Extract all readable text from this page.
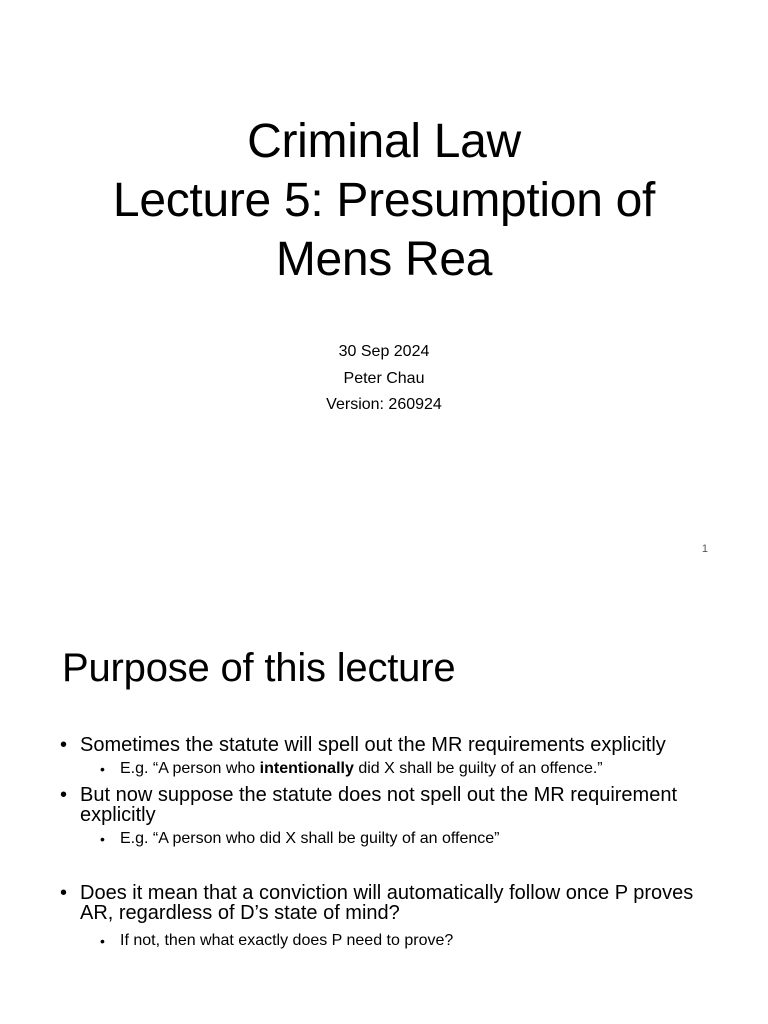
Criminal Law
Lecture 5: Presumption of
Mens Rea
30 Sep 2024
Peter Chau
Version: 260924
1
Purpose of this lecture
• Sometimes the statute will spell out the MR requirements explicitly
• E.g. “A person who intentionally did X shall be guilty of an offence.”
• But now suppose the statute does not spell out the MR requirement explicitly
• E.g. “A person who did X shall be guilty of an offence”
• Does it mean that a conviction will automatically follow once P proves AR, regardless of D’s state of mind?
• If not, then what exactly does P need to prove?
